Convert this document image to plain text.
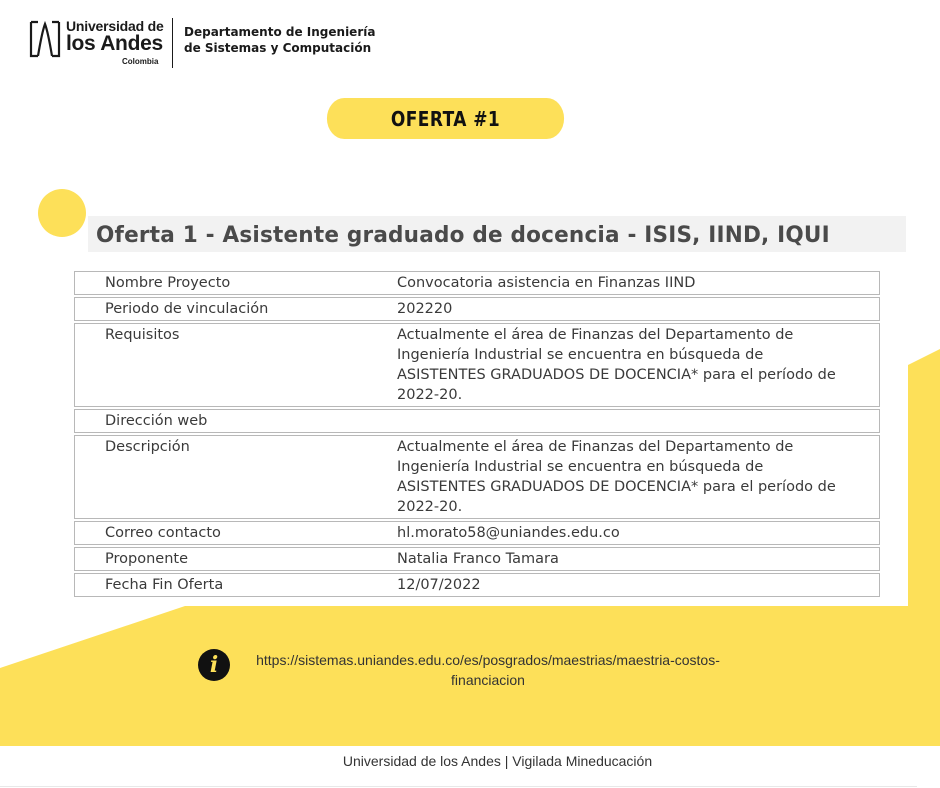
Universidad de
los Andes
Colombia
Departamento de Ingeniería
de Sistemas y Computación
OFERTA #1
Oferta 1 - Asistente graduado de docencia - ISIS, IIND, IQUI
Nombre Proyecto	Convocatoria asistencia en Finanzas IIND
Periodo de vinculación	202220
Requisitos	Actualmente el área de Finanzas del Departamento de Ingeniería Industrial se encuentra en búsqueda de ASISTENTES GRADUADOS DE DOCENCIA* para el período de 2022-20.
Dirección web	
Descripción	Actualmente el área de Finanzas del Departamento de Ingeniería Industrial se encuentra en búsqueda de ASISTENTES GRADUADOS DE DOCENCIA* para el período de 2022-20.
Correo contacto	hl.morato58@uniandes.edu.co
Proponente	Natalia Franco Tamara
Fecha Fin Oferta	12/07/2022
i	https://sistemas.uniandes.edu.co/es/posgrados/maestrias/maestria-costos-financiacion
Universidad de los Andes | Vigilada Mineducación
